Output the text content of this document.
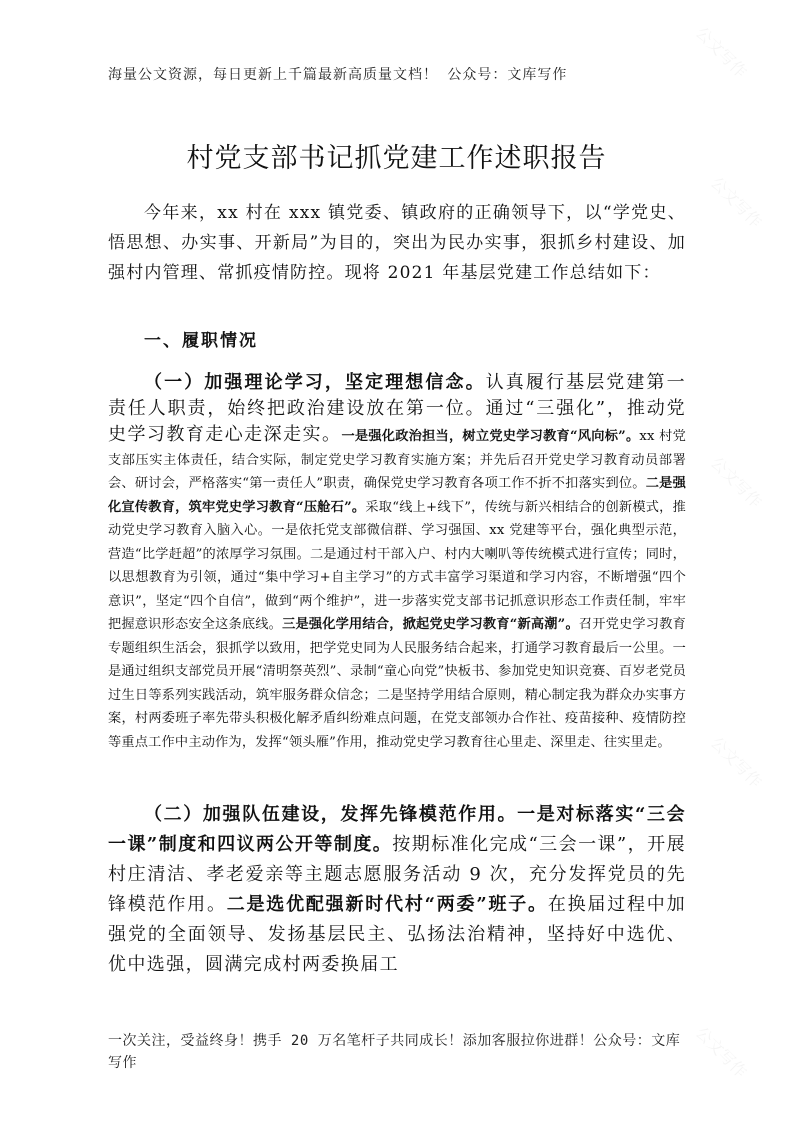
海量公文资源，每日更新上千篇最新高质量文档！ 公众号：文库写作
村党支部书记抓党建工作述职报告

今年来，xx 村在 xxx 镇党委、镇政府的正确领导下，以“学党史、悟思想、办实事、开新局”为目的，突出为民办实事，狠抓乡村建设、加强村内管理、常抓疫情防控。现将 2021 年基层党建工作总结如下：

一、履职情况

（一）加强理论学习，坚定理想信念。认真履行基层党建第一责任人职责，始终把政治建设放在第一位。通过“三强化”，推动党史学习教育走心走深走实。一是强化政治担当，树立党史学习教育“风向标”。xx 村党支部压实主体责任，结合实际，制定党史学习教育实施方案；并先后召开党史学习教育动员部署会、研讨会，严格落实“第一责任人”职责，确保党史学习教育各项工作不折不扣落实到位。二是强化宣传教育，筑牢党史学习教育“压舱石”。采取“线上+线下”，传统与新兴相结合的创新模式，推动党史学习教育入脑入心。一是依托党支部微信群、学习强国、xx 党建等平台，强化典型示范，营造“比学赶超”的浓厚学习氛围。二是通过村干部入户、村内大喇叭等传统模式进行宣传；同时，以思想教育为引领，通过“集中学习+自主学习”的方式丰富学习渠道和学习内容，不断增强“四个意识”，坚定“四个自信”，做到“两个维护”，进一步落实党支部书记抓意识形态工作责任制，牢牢把握意识形态安全这条底线。三是强化学用结合，掀起党史学习教育“新高潮”。召开党史学习教育专题组织生活会，狠抓学以致用，把学党史同为人民服务结合起来，打通学习教育最后一公里。一是通过组织支部党员开展“清明祭英烈”、录制“童心向党”快板书、参加党史知识竞赛、百岁老党员过生日等系列实践活动，筑牢服务群众信念；二是坚持学用结合原则，精心制定我为群众办实事方案，村两委班子率先带头积极化解矛盾纠纷难点问题，在党支部领办合作社、疫苗接种、疫情防控等重点工作中主动作为，发挥“领头雁”作用，推动党史学习教育往心里走、深里走、往实里走。

（二）加强队伍建设，发挥先锋模范作用。一是对标落实“三会一课”制度和四议两公开等制度。按期标准化完成“三会一课”，开展村庄清洁、孝老爱亲等主题志愿服务活动 9 次，充分发挥党员的先锋模范作用。二是选优配强新时代村“两委”班子。在换届过程中加强党的全面领导、发扬基层民主、弘扬法治精神，坚持好中选优、优中选强，圆满完成村两委换届工

一次关注，受益终身！携手 20 万名笔杆子共同成长！添加客服拉你进群！公众号：文库写作
